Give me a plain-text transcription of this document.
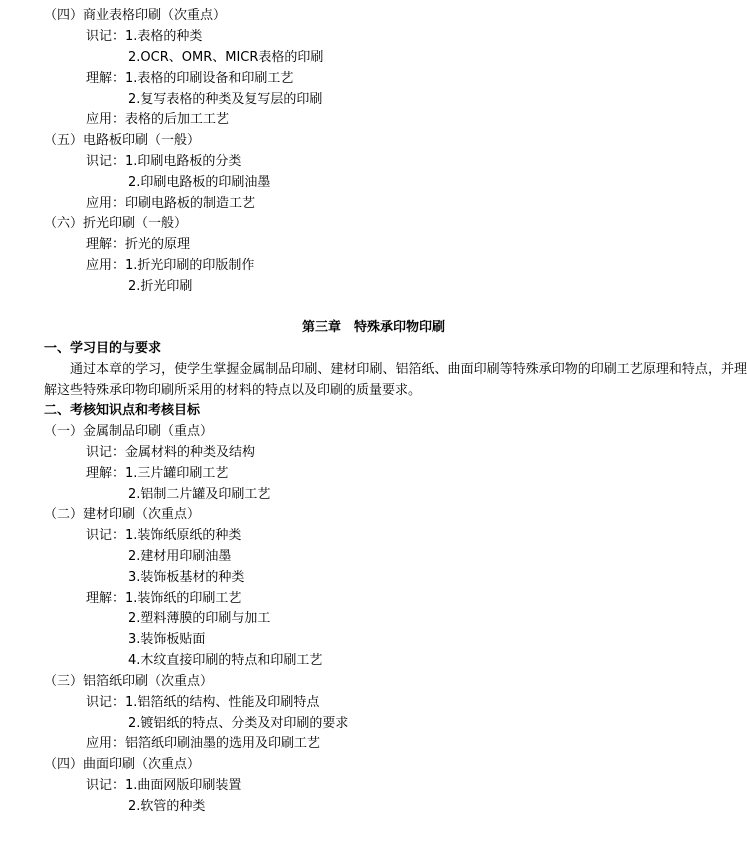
（四）商业表格印刷（次重点）
识记：1.表格的种类
2.OCR、OMR、MICR表格的印刷
理解：1.表格的印刷设备和印刷工艺
2.复写表格的种类及复写层的印刷
应用：表格的后加工工艺
（五）电路板印刷（一般）
识记：1.印刷电路板的分类
2.印刷电路板的印刷油墨
应用：印刷电路板的制造工艺
（六）折光印刷（一般）
理解：折光的原理
应用：1.折光印刷的印版制作
2.折光印刷
第三章　特殊承印物印刷
一、学习目的与要求
通过本章的学习，使学生掌握金属制品印刷、建材印刷、铝箔纸、曲面印刷等特殊承印物的印刷工艺原理和特点，并理解这些特殊承印物印刷所采用的材料的特点以及印刷的质量要求。
二、考核知识点和考核目标
（一）金属制品印刷（重点）
识记：金属材料的种类及结构
理解：1.三片罐印刷工艺
2.铝制二片罐及印刷工艺
（二）建材印刷（次重点）
识记：1.装饰纸原纸的种类
2.建材用印刷油墨
3.装饰板基材的种类
理解：1.装饰纸的印刷工艺
2.塑料薄膜的印刷与加工
3.装饰板贴面
4.木纹直接印刷的特点和印刷工艺
（三）铝箔纸印刷（次重点）
识记：1.铝箔纸的结构、性能及印刷特点
2.镀铝纸的特点、分类及对印刷的要求
应用：铝箔纸印刷油墨的选用及印刷工艺
（四）曲面印刷（次重点）
识记：1.曲面网版印刷装置
2.软管的种类
